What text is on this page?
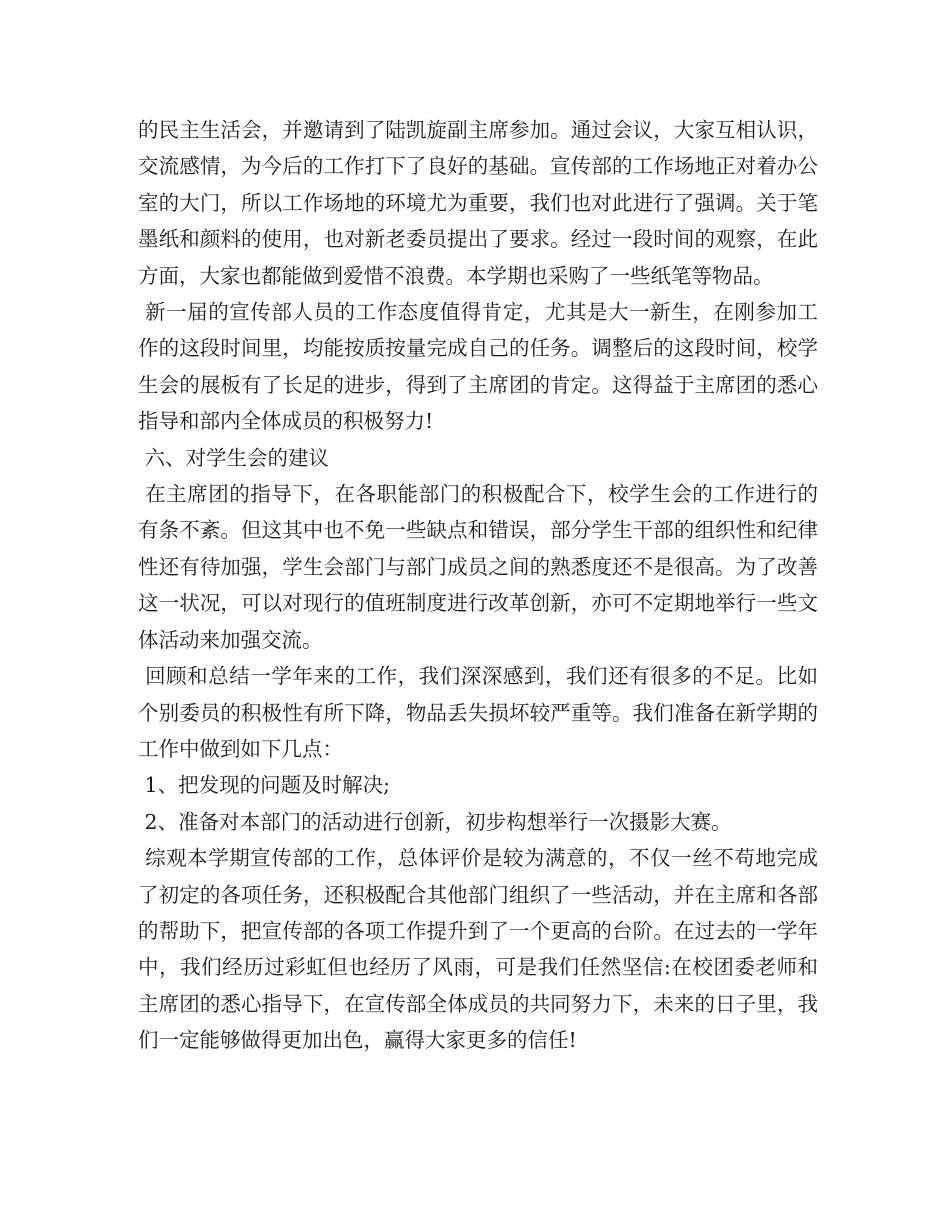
的民主生活会，并邀请到了陆凯旋副主席参加。通过会议，大家互相认识，交流感情，为今后的工作打下了良好的基础。宣传部的工作场地正对着办公室的大门，所以工作场地的环境尤为重要，我们也对此进行了强调。关于笔墨纸和颜料的使用，也对新老委员提出了要求。经过一段时间的观察，在此方面，大家也都能做到爱惜不浪费。本学期也采购了一些纸笔等物品。

新一届的宣传部人员的工作态度值得肯定，尤其是大一新生，在刚参加工作的这段时间里，均能按质按量完成自己的任务。调整后的这段时间，校学生会的展板有了长足的进步，得到了主席团的肯定。这得益于主席团的悉心指导和部内全体成员的积极努力!

六、对学生会的建议

在主席团的指导下，在各职能部门的积极配合下，校学生会的工作进行的有条不紊。但这其中也不免一些缺点和错误，部分学生干部的组织性和纪律性还有待加强，学生会部门与部门成员之间的熟悉度还不是很高。为了改善这一状况，可以对现行的值班制度进行改革创新，亦可不定期地举行一些文体活动来加强交流。

回顾和总结一学年来的工作，我们深深感到，我们还有很多的不足。比如个别委员的积极性有所下降，物品丢失损坏较严重等。我们准备在新学期的工作中做到如下几点：

1、把发现的问题及时解决;

2、准备对本部门的活动进行创新，初步构想举行一次摄影大赛。

综观本学期宣传部的工作，总体评价是较为满意的，不仅一丝不苟地完成了初定的各项任务，还积极配合其他部门组织了一些活动，并在主席和各部的帮助下，把宣传部的各项工作提升到了一个更高的台阶。在过去的一学年中，我们经历过彩虹但也经历了风雨，可是我们任然坚信:在校团委老师和主席团的悉心指导下，在宣传部全体成员的共同努力下，未来的日子里，我们一定能够做得更加出色，赢得大家更多的信任!
